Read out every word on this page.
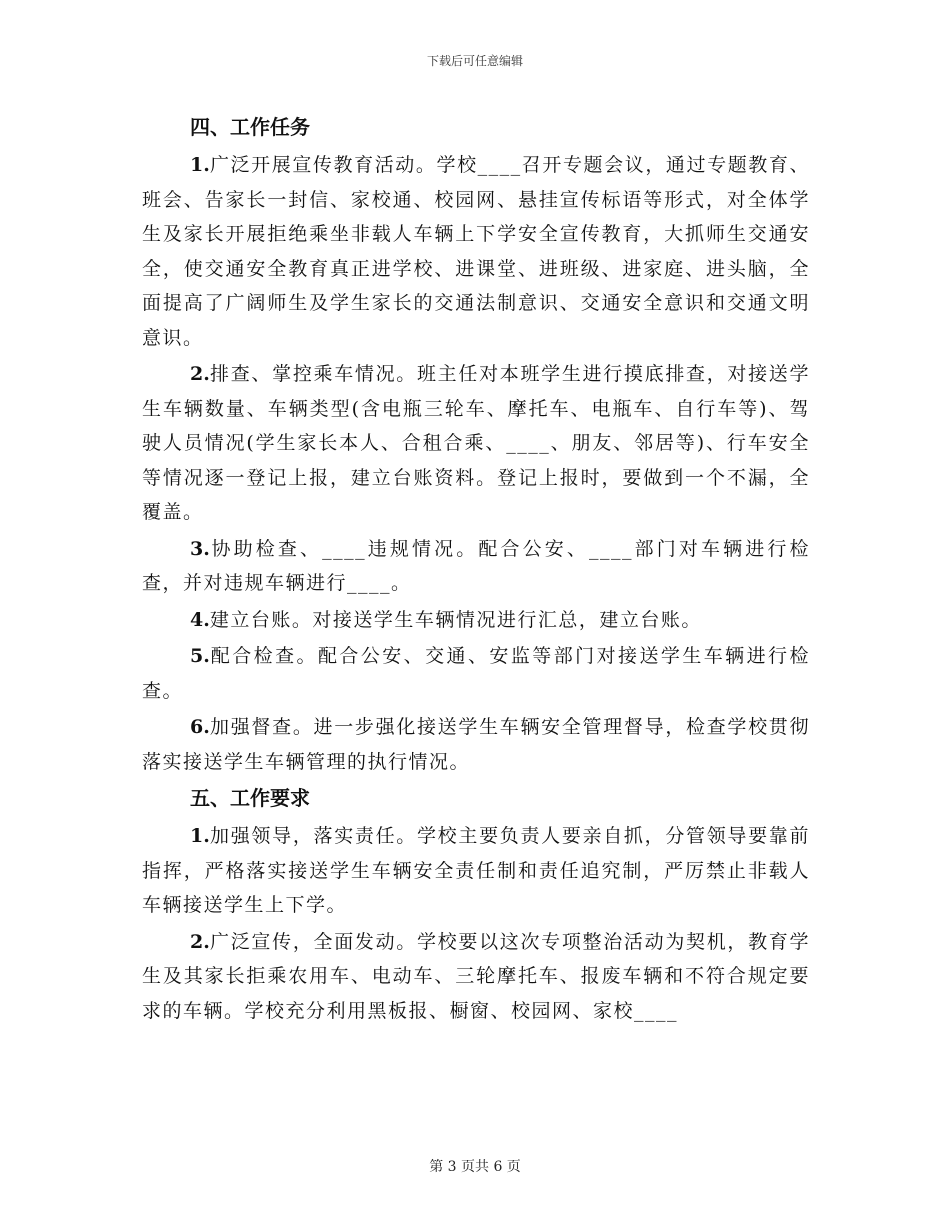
下载后可任意编辑
四、工作任务

1.广泛开展宣传教育活动。学校____召开专题会议，通过专题教育、班会、告家长一封信、家校通、校园网、悬挂宣传标语等形式，对全体学生及家长开展拒绝乘坐非载人车辆上下学安全宣传教育，大抓师生交通安全，使交通安全教育真正进学校、进课堂、进班级、进家庭、进头脑，全面提高了广阔师生及学生家长的交通法制意识、交通安全意识和交通文明意识。

2.排查、掌控乘车情况。班主任对本班学生进行摸底排查，对接送学生车辆数量、车辆类型(含电瓶三轮车、摩托车、电瓶车、自行车等)、驾驶人员情况(学生家长本人、合租合乘、____、朋友、邻居等)、行车安全等情况逐一登记上报，建立台账资料。登记上报时，要做到一个不漏，全覆盖。

3.协助检查、____违规情况。配合公安、____部门对车辆进行检查，并对违规车辆进行____。

4.建立台账。对接送学生车辆情况进行汇总，建立台账。

5.配合检查。配合公安、交通、安监等部门对接送学生车辆进行检查。

6.加强督查。进一步强化接送学生车辆安全管理督导，检查学校贯彻落实接送学生车辆管理的执行情况。

五、工作要求

1.加强领导，落实责任。学校主要负责人要亲自抓，分管领导要靠前指挥，严格落实接送学生车辆安全责任制和责任追究制，严厉禁止非载人车辆接送学生上下学。

2.广泛宣传，全面发动。学校要以这次专项整治活动为契机，教育学生及其家长拒乘农用车、电动车、三轮摩托车、报废车辆和不符合规定要求的车辆。学校充分利用黑板报、橱窗、校园网、家校____

第 3 页共 6 页
